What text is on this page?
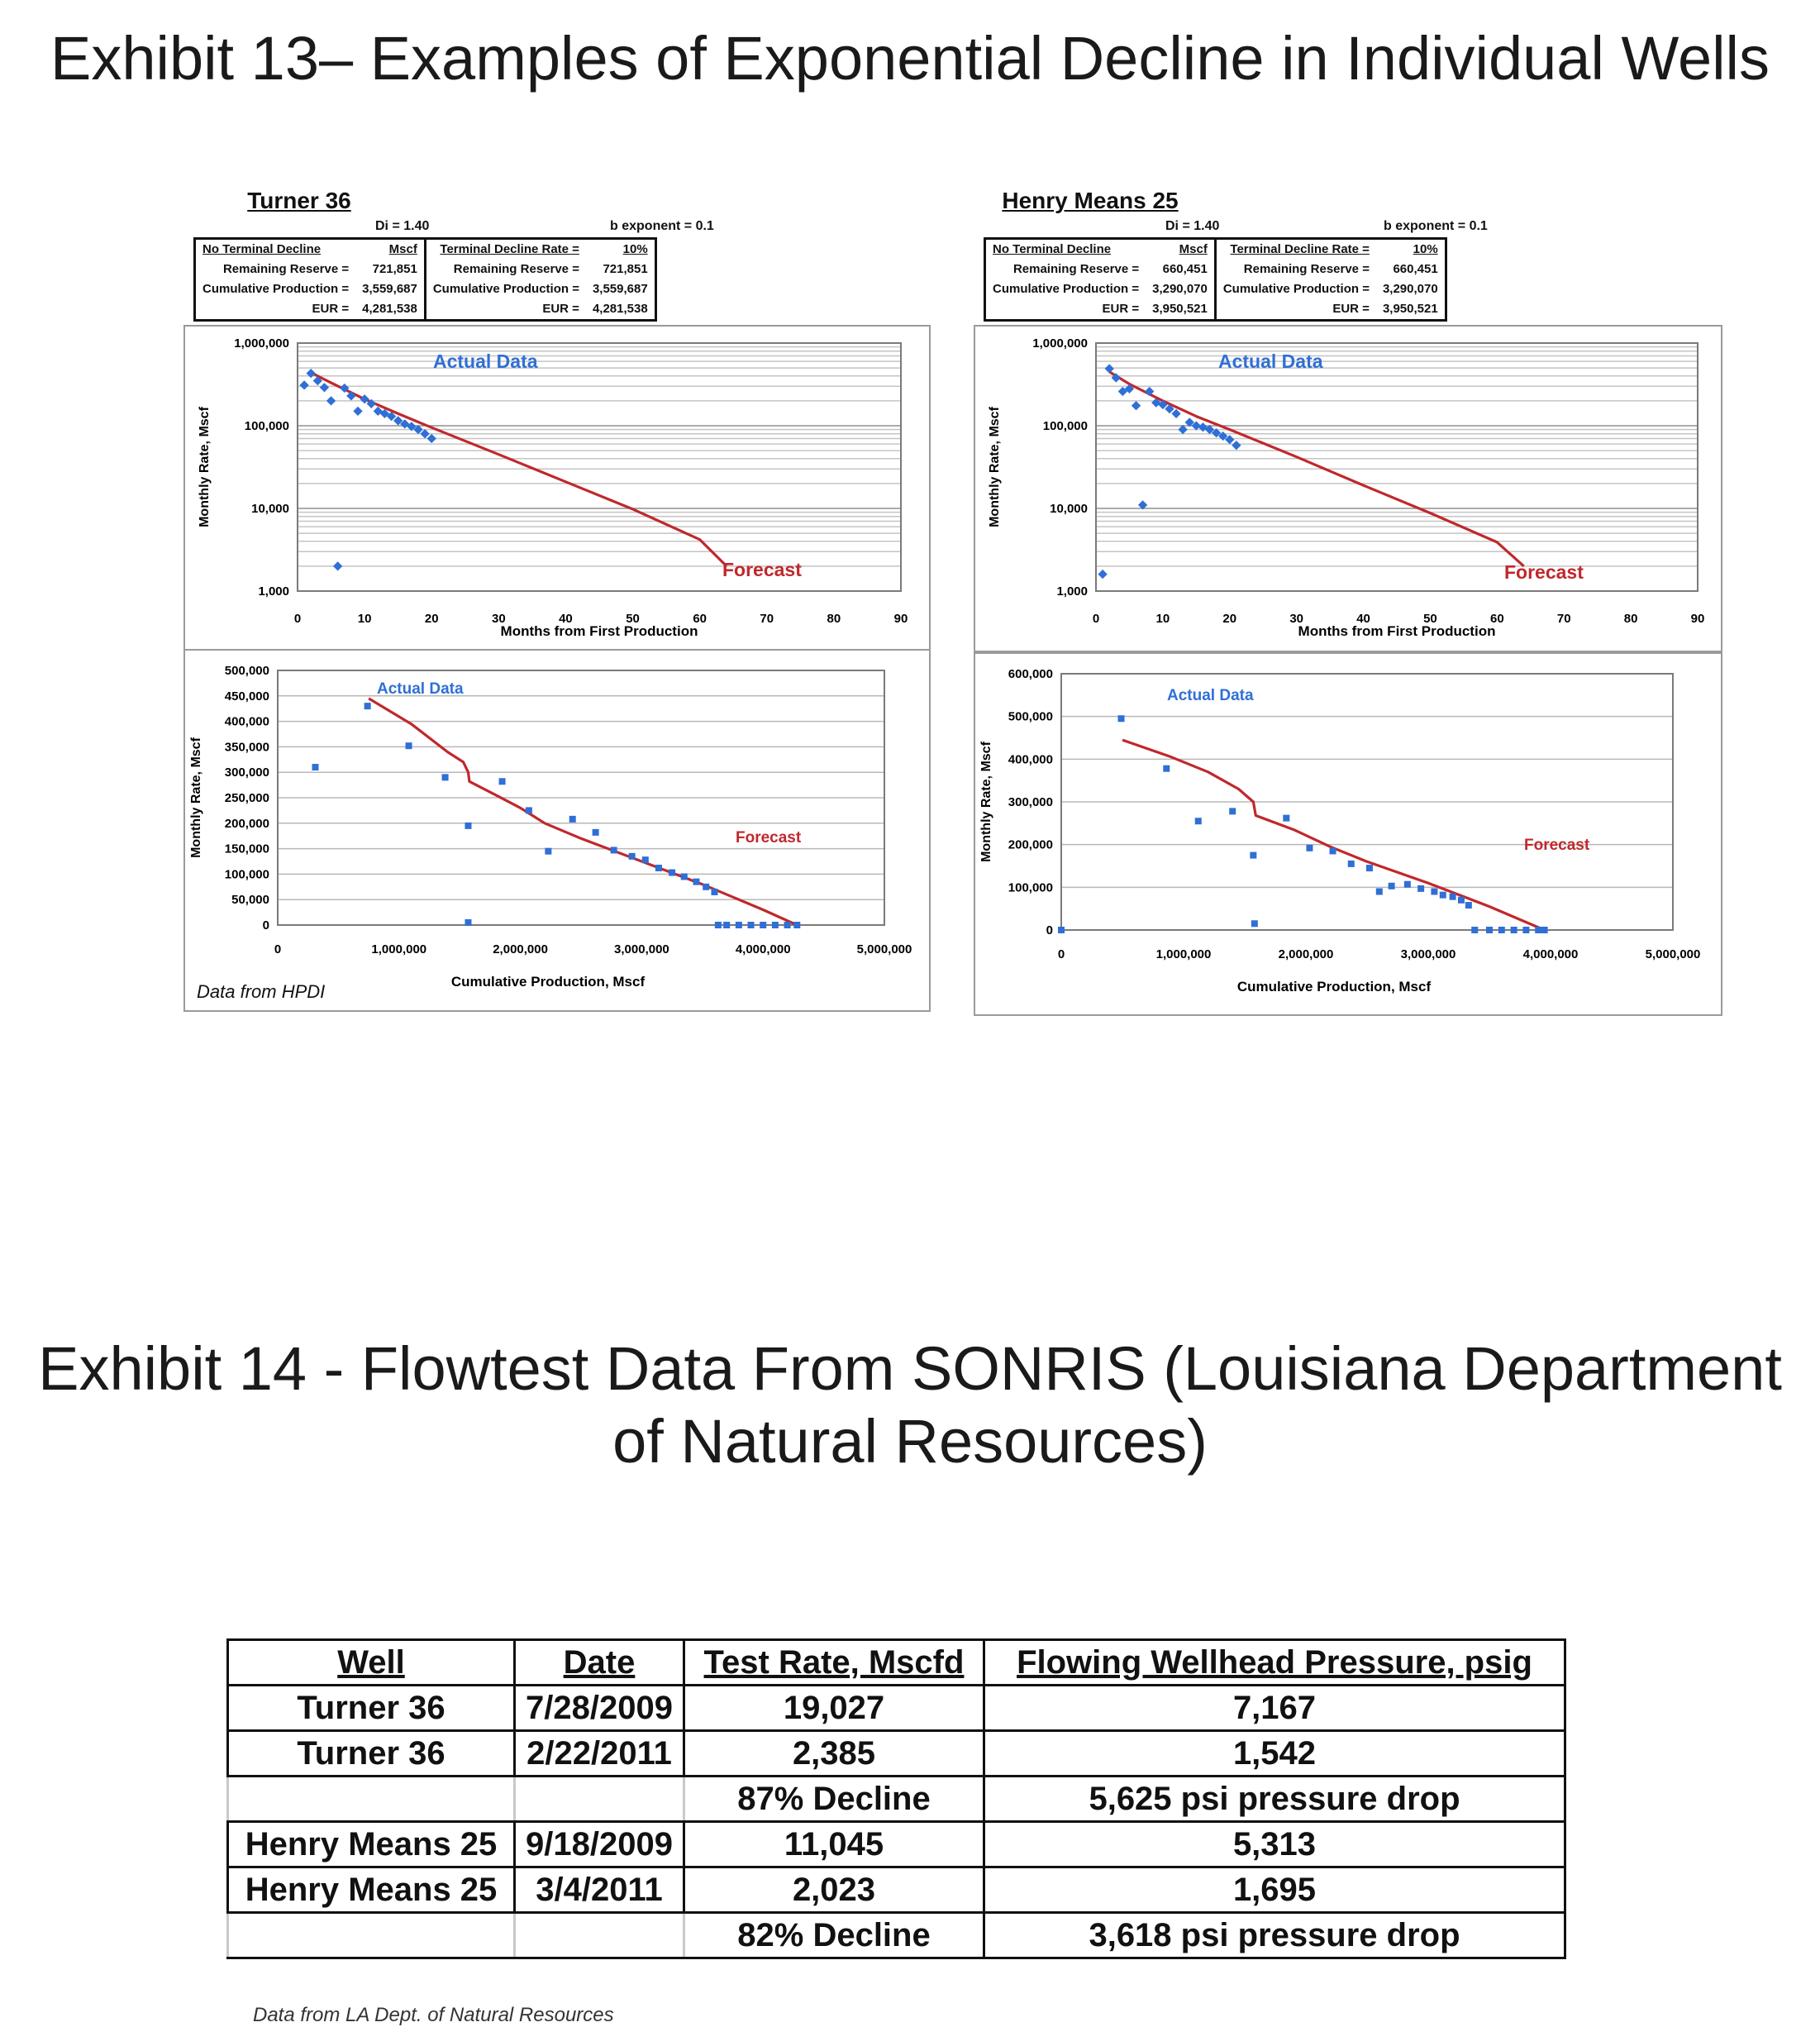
Exhibit 13– Examples of Exponential Decline in Individual Wells
Turner 36
Di = 1.40	b exponent = 0.1
No Terminal Decline	Mscf	Terminal Decline Rate =	10%
Remaining Reserve =	721,851	Remaining Reserve =	721,851
Cumulative Production =	3,559,687	Cumulative Production =	3,559,687
EUR =	4,281,538	EUR =	4,281,538
1,000
10,000
100,000
1,000,000
0	10	20	30	40	50	60	70	80	90
Months from First Production
Monthly Rate, Mscf
Actual Data
Forecast
0
50,000
100,000
150,000
200,000
250,000
300,000
350,000
400,000
450,000
500,000
0	1,000,000	2,000,000	3,000,000	4,000,000	5,000,000
Cumulative Production, Mscf
Monthly Rate, Mscf
Actual Data
Forecast
Data from HPDI
Henry Means 25
Di = 1.40	b exponent = 0.1
No Terminal Decline	Mscf	Terminal Decline Rate =	10%
Remaining Reserve =	660,451	Remaining Reserve =	660,451
Cumulative Production =	3,290,070	Cumulative Production =	3,290,070
EUR =	3,950,521	EUR =	3,950,521
1,000
10,000
100,000
1,000,000
0	10	20	30	40	50	60	70	80	90
Months from First Production
Monthly Rate, Mscf
Actual Data
Forecast
0
100,000
200,000
300,000
400,000
500,000
600,000
0	1,000,000	2,000,000	3,000,000	4,000,000	5,000,000
Cumulative Production, Mscf
Monthly Rate, Mscf
Actual Data
Forecast
Exhibit 14 - Flowtest Data From SONRIS (Louisiana Department
of Natural Resources)
Well	Date	Test Rate, Mscfd	Flowing Wellhead Pressure, psig
Turner 36	7/28/2009	19,027	7,167
Turner 36	2/22/2011	2,385	1,542
		87% Decline	5,625 psi pressure drop
Henry Means 25	9/18/2009	11,045	5,313
Henry Means 25	3/4/2011	2,023	1,695
		82% Decline	3,618 psi pressure drop
Data from LA Dept. of Natural Resources
